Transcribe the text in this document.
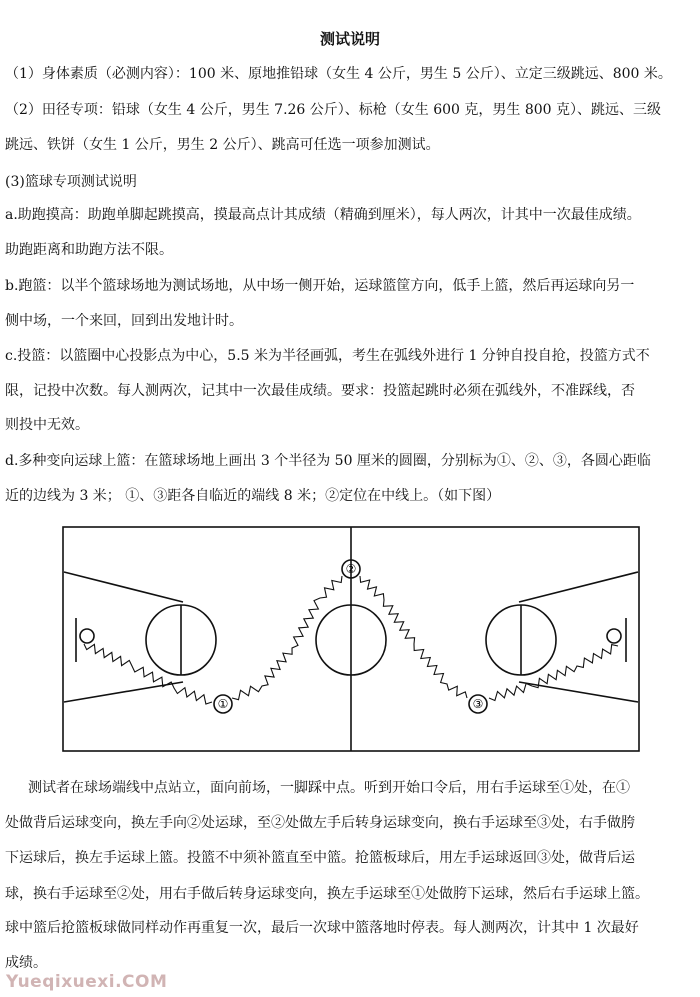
测试说明
（1）身体素质（必测内容）：100 米、原地推铅球（女生 4 公斤，男生 5 公斤）、立定三级跳远、800 米。
（2）田径专项：铅球（女生 4 公斤，男生 7.26 公斤）、标枪（女生 600 克，男生 800 克）、跳远、三级
跳远、铁饼（女生 1 公斤，男生 2 公斤）、跳高可任选一项参加测试。
(3)篮球专项测试说明
a.助跑摸高：助跑单脚起跳摸高，摸最高点计其成绩（精确到厘米），每人两次，计其中一次最佳成绩。
助跑距离和助跑方法不限。
b.跑篮：以半个篮球场地为测试场地，从中场一侧开始，运球篮筐方向，低手上篮，然后再运球向另一
侧中场，一个来回，回到出发地计时。
c.投篮：以篮圈中心投影点为中心，5.5 米为半径画弧，考生在弧线外进行 1 分钟自投自抢，投篮方式不
限，记投中次数。每人测两次，记其中一次最佳成绩。要求：投篮起跳时必须在弧线外，不准踩线，否
则投中无效。
d.多种变向运球上篮：在篮球场地上画出 3 个半径为 50 厘米的圆圈，分别标为①、②、③，各圆心距临
近的边线为 3 米； ①、③距各自临近的端线 8 米；②定位在中线上。（如下图）
①
②
③
测试者在球场端线中点站立，面向前场，一脚踩中点。听到开始口令后，用右手运球至①处，在①
处做背后运球变向，换左手向②处运球，至②处做左手后转身运球变向，换右手运球至③处，右手做胯
下运球后，换左手运球上篮。投篮不中须补篮直至中篮。抢篮板球后，用左手运球返回③处，做背后运
球，换右手运球至②处，用右手做后转身运球变向，换左手运球至①处做胯下运球，然后右手运球上篮。
球中篮后抢篮板球做同样动作再重复一次，最后一次球中篮落地时停表。每人测两次，计其中 1 次最好
成绩。
Yueqixuexi.COM
